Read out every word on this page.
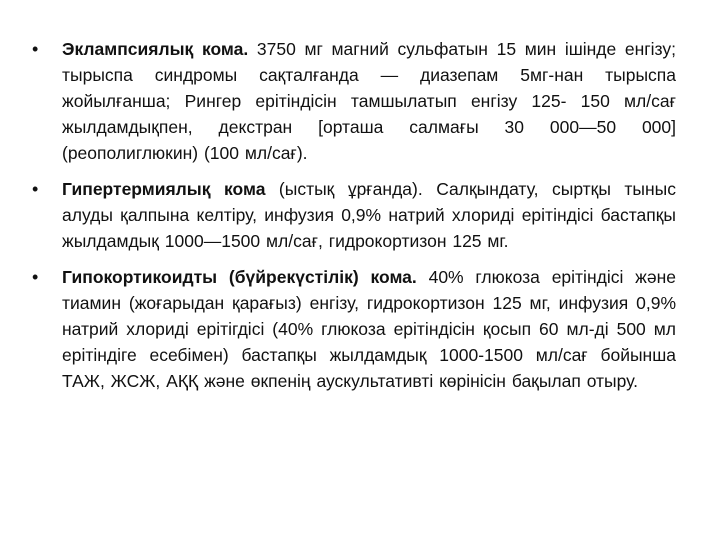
• Эклампсиялық кома. 3750 мг магний сульфатын 15 мин ішінде енгізу; тырыспа синдромы сақталғанда — диазепам 5мг-нан тырыспа жойылғанша; Рингер ерітіндісін тамшылатып енгізу 125- 150 мл/сағ жылдамдықпен, декстран [орташа салмағы 30 000—50 000] (реополиглюкин) (100 мл/сағ).
• Гипертермиялық кома (ыстық ұрғанда). Салқындату, сыртқы тыныс алуды қалпына келтіру, инфузия 0,9% натрий хлориді ерітіндісі бастапқы жылдамдық 1000—1500 мл/сағ, гидрокортизон 125 мг.
• Гипокортикоидты (бүйрекүстілік) кома. 40% глюкоза ерітіндісі және тиамин (жоғарыдан қарағыз) енгізу, гидрокортизон 125 мг, инфузия 0,9% натрий хлориді ерітігдісі (40% глюкоза ерітіндісін қосып 60 мл-ді 500 мл ерітіндіге есебімен) бастапқы жылдамдық 1000-1500 мл/сағ бойынша ТАЖ, ЖСЖ, АҚҚ және өкпенің аускультативті көрінісін бақылап отыру.
